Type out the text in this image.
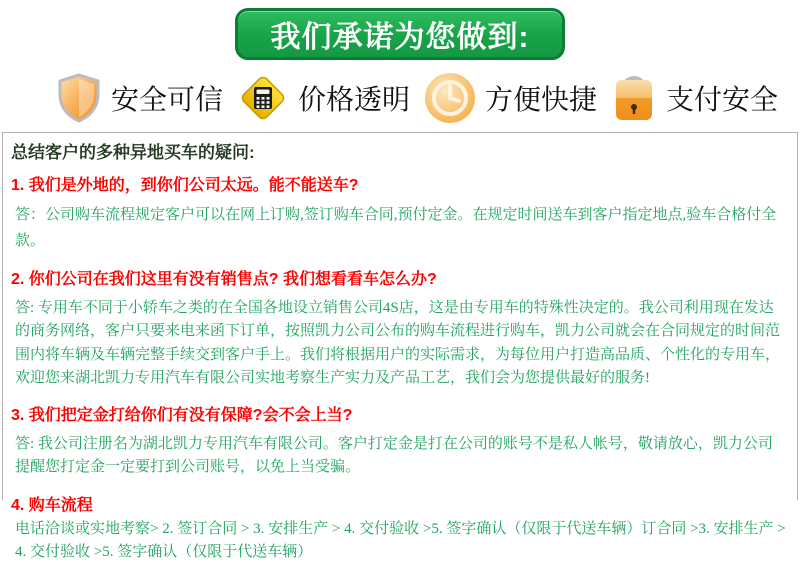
我们承诺为您做到:
安全可信	价格透明	方便快捷 支付安全
总结客户的多种异地买车的疑问:
1. 我们是外地的，到你们公司太远。能不能送车?
答：公司购车流程规定客户可以在网上订购,签订购车合同,预付定金。在规定时间送车到客户指定地点,验车合格付全款。
2. 你们公司在我们这里有没有销售点? 我们想看看车怎么办?
答: 专用车不同于小轿车之类的在全国各地设立销售公司4S店，这是由专用车的特殊性决定的。我公司利用现在发达的商务网络，客户只要来电来函下订单，按照凯力公司公布的购车流程进行购车，凯力公司就会在合同规定的时间范围内将车辆及车辆完整手续交到客户手上。我们将根据用户的实际需求，为每位用户打造高品质、个性化的专用车，欢迎您来湖北凯力专用汽车有限公司实地考察生产实力及产品工艺，我们会为您提供最好的服务!
3. 我们把定金打给你们有没有保障?会不会上当?
答: 我公司注册名为湖北凯力专用汽车有限公司。客户打定金是打在公司的账号不是私人帐号，敬请放心，凯力公司提醒您打定金一定要打到公司账号，以免上当受骗。
4. 购车流程
电话洽谈或实地考察> 2. 签订合同 > 3. 安排生产 > 4. 交付验收 >5. 签字确认（仅限于代送车辆）订合同 >3. 安排生产 > 4. 交付验收 >5. 签字确认（仅限于代送车辆）
